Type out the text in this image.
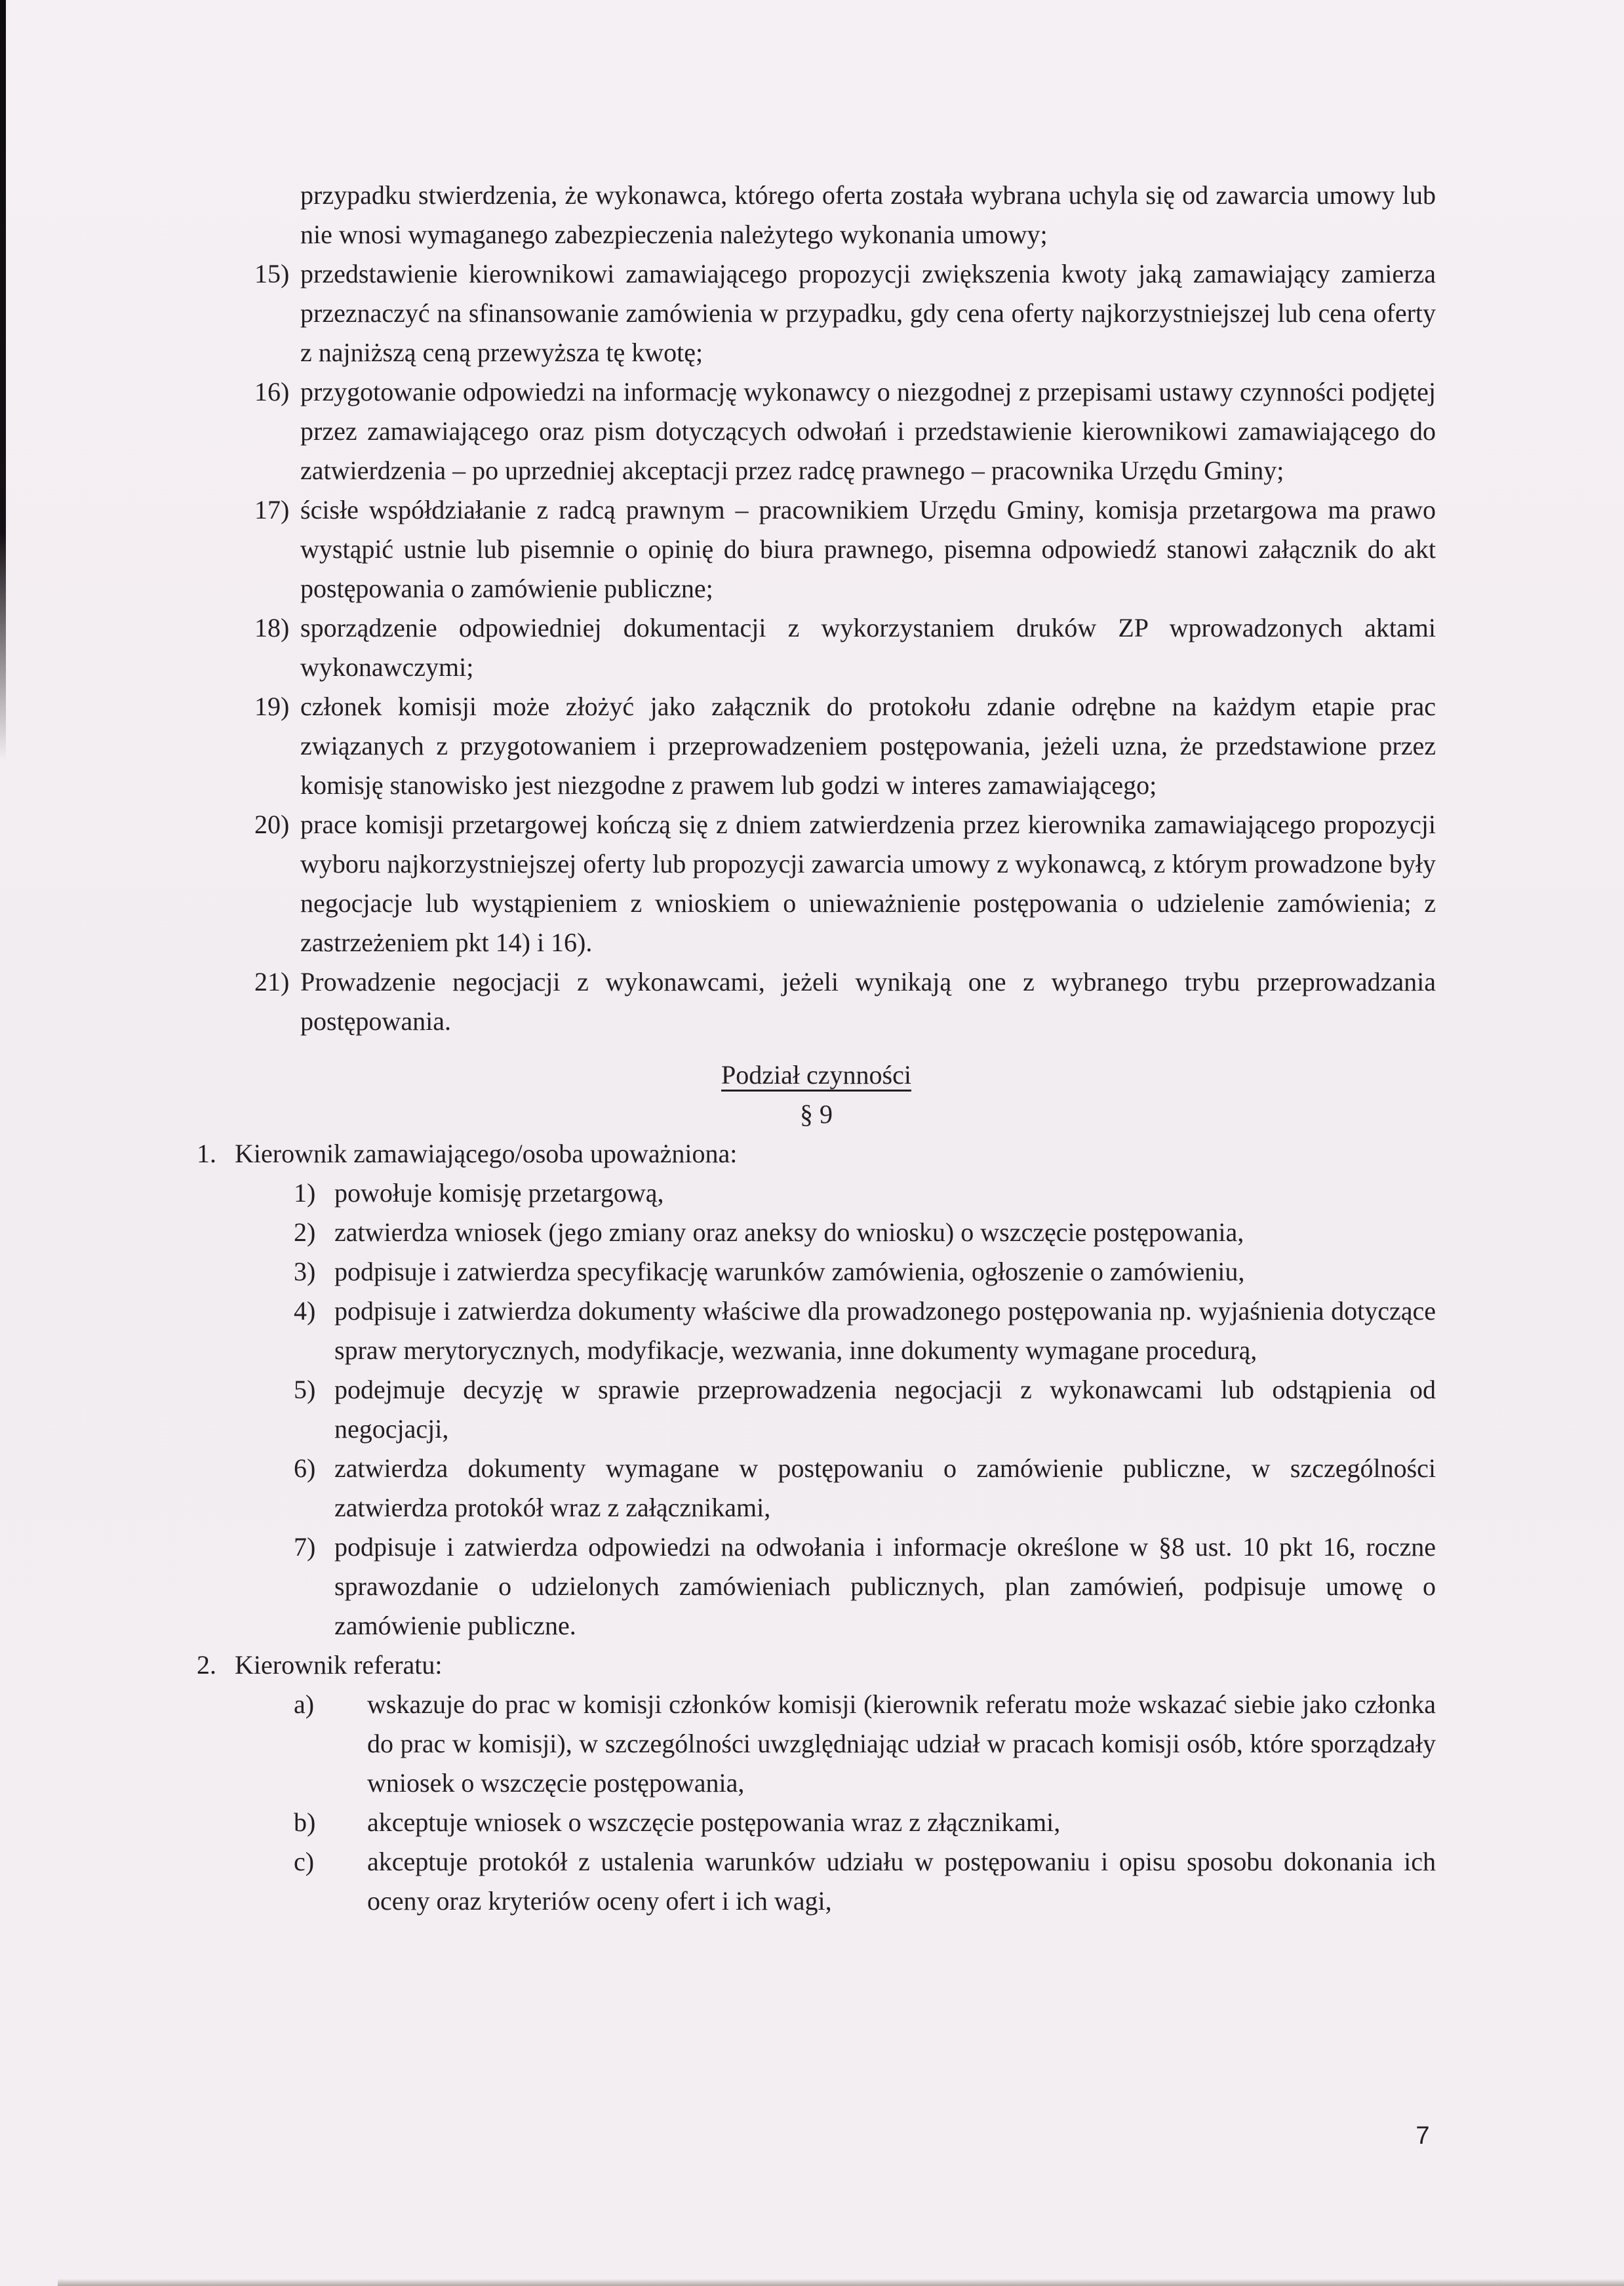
przypadku stwierdzenia, że wykonawca, którego oferta została wybrana uchyla się od zawarcia umowy lub nie wnosi wymaganego zabezpieczenia należytego wykonania umowy;
15) przedstawienie kierownikowi zamawiającego propozycji zwiększenia kwoty jaką zamawiający zamierza przeznaczyć na sfinansowanie zamówienia w przypadku, gdy cena oferty najkorzystniejszej lub cena oferty z najniższą ceną przewyższa tę kwotę;
16) przygotowanie odpowiedzi na informację wykonawcy o niezgodnej z przepisami ustawy czynności podjętej przez zamawiającego oraz pism dotyczących odwołań i przedstawienie kierownikowi zamawiającego do zatwierdzenia – po uprzedniej akceptacji przez radcę prawnego – pracownika Urzędu Gminy;
17) ścisłe współdziałanie z radcą prawnym – pracownikiem Urzędu Gminy, komisja przetargowa ma prawo wystąpić ustnie lub pisemnie o opinię do biura prawnego, pisemna odpowiedź stanowi załącznik do akt postępowania o zamówienie publiczne;
18) sporządzenie odpowiedniej dokumentacji z wykorzystaniem druków ZP wprowadzonych aktami wykonawczymi;
19) członek komisji może złożyć jako załącznik do protokołu zdanie odrębne na każdym etapie prac związanych z przygotowaniem i przeprowadzeniem postępowania, jeżeli uzna, że przedstawione przez komisję stanowisko jest niezgodne z prawem lub godzi w interes zamawiającego;
20) prace komisji przetargowej kończą się z dniem zatwierdzenia przez kierownika zamawiającego propozycji wyboru najkorzystniejszej oferty lub propozycji zawarcia umowy z wykonawcą, z którym prowadzone były negocjacje lub wystąpieniem z wnioskiem o unieważnienie postępowania o udzielenie zamówienia; z zastrzeżeniem pkt 14) i 16).
21) Prowadzenie negocjacji z wykonawcami, jeżeli wynikają one z wybranego trybu przeprowadzania postępowania.
Podział czynności
§ 9
1. Kierownik zamawiającego/osoba upoważniona:
1) powołuje komisję przetargową,
2) zatwierdza wniosek (jego zmiany oraz aneksy do wniosku) o wszczęcie postępowania,
3) podpisuje i zatwierdza specyfikację warunków zamówienia, ogłoszenie o zamówieniu,
4) podpisuje i zatwierdza dokumenty właściwe dla prowadzonego postępowania np. wyjaśnienia dotyczące spraw merytorycznych, modyfikacje, wezwania, inne dokumenty wymagane procedurą,
5) podejmuje decyzję w sprawie przeprowadzenia negocjacji z wykonawcami lub odstąpienia od negocjacji,
6) zatwierdza dokumenty wymagane w postępowaniu o zamówienie publiczne, w szczególności zatwierdza protokół wraz z załącznikami,
7) podpisuje i zatwierdza odpowiedzi na odwołania i informacje określone w §8 ust. 10 pkt 16, roczne sprawozdanie o udzielonych zamówieniach publicznych, plan zamówień, podpisuje umowę o zamówienie publiczne.
2. Kierownik referatu:
a)	wskazuje do prac w komisji członków komisji (kierownik referatu może wskazać siebie jako członka do prac w komisji), w szczególności uwzględniając udział w pracach komisji osób, które sporządzały wniosek o wszczęcie postępowania,
b)	akceptuje wniosek o wszczęcie postępowania wraz z złącznikami,
c)	akceptuje protokół z ustalenia warunków udziału w postępowaniu i opisu sposobu dokonania ich oceny oraz kryteriów oceny ofert i ich wagi,
7
